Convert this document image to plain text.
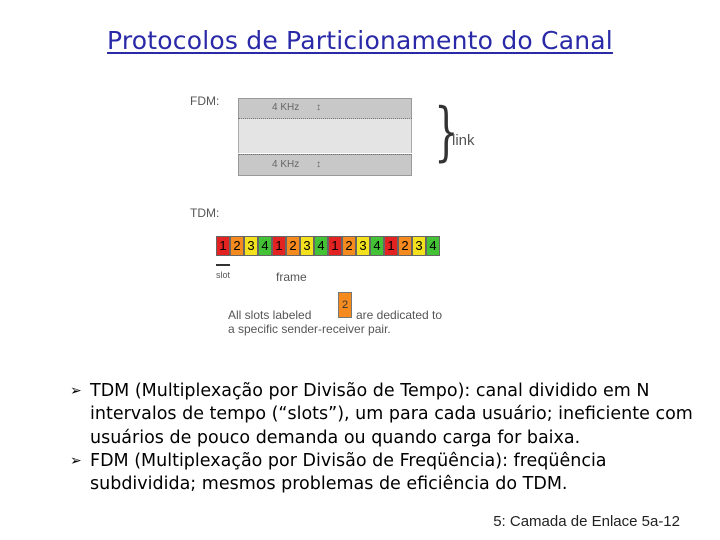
Protocolos de Particionamento do Canal
FDM:	4 KHz
4 KHz
↕
↕ }
link
TDM:
1 2 3 4 1 2 3 4 1 2 3 4 1 2 3 4
slot	frame
All slots labeled
2
are dedicated to
a specific sender-receiver pair.

➢ TDM (Multiplexação por Divisão de Tempo): canal dividido em N intervalos de tempo (“slots”), um para cada usuário; ineficiente com usuários de pouco demanda ou quando carga for baixa.

➢ FDM (Multiplexação por Divisão de Freqüência): freqüência subdividida; mesmos problemas de eficiência do TDM.

5: Camada de Enlace 5a-12
